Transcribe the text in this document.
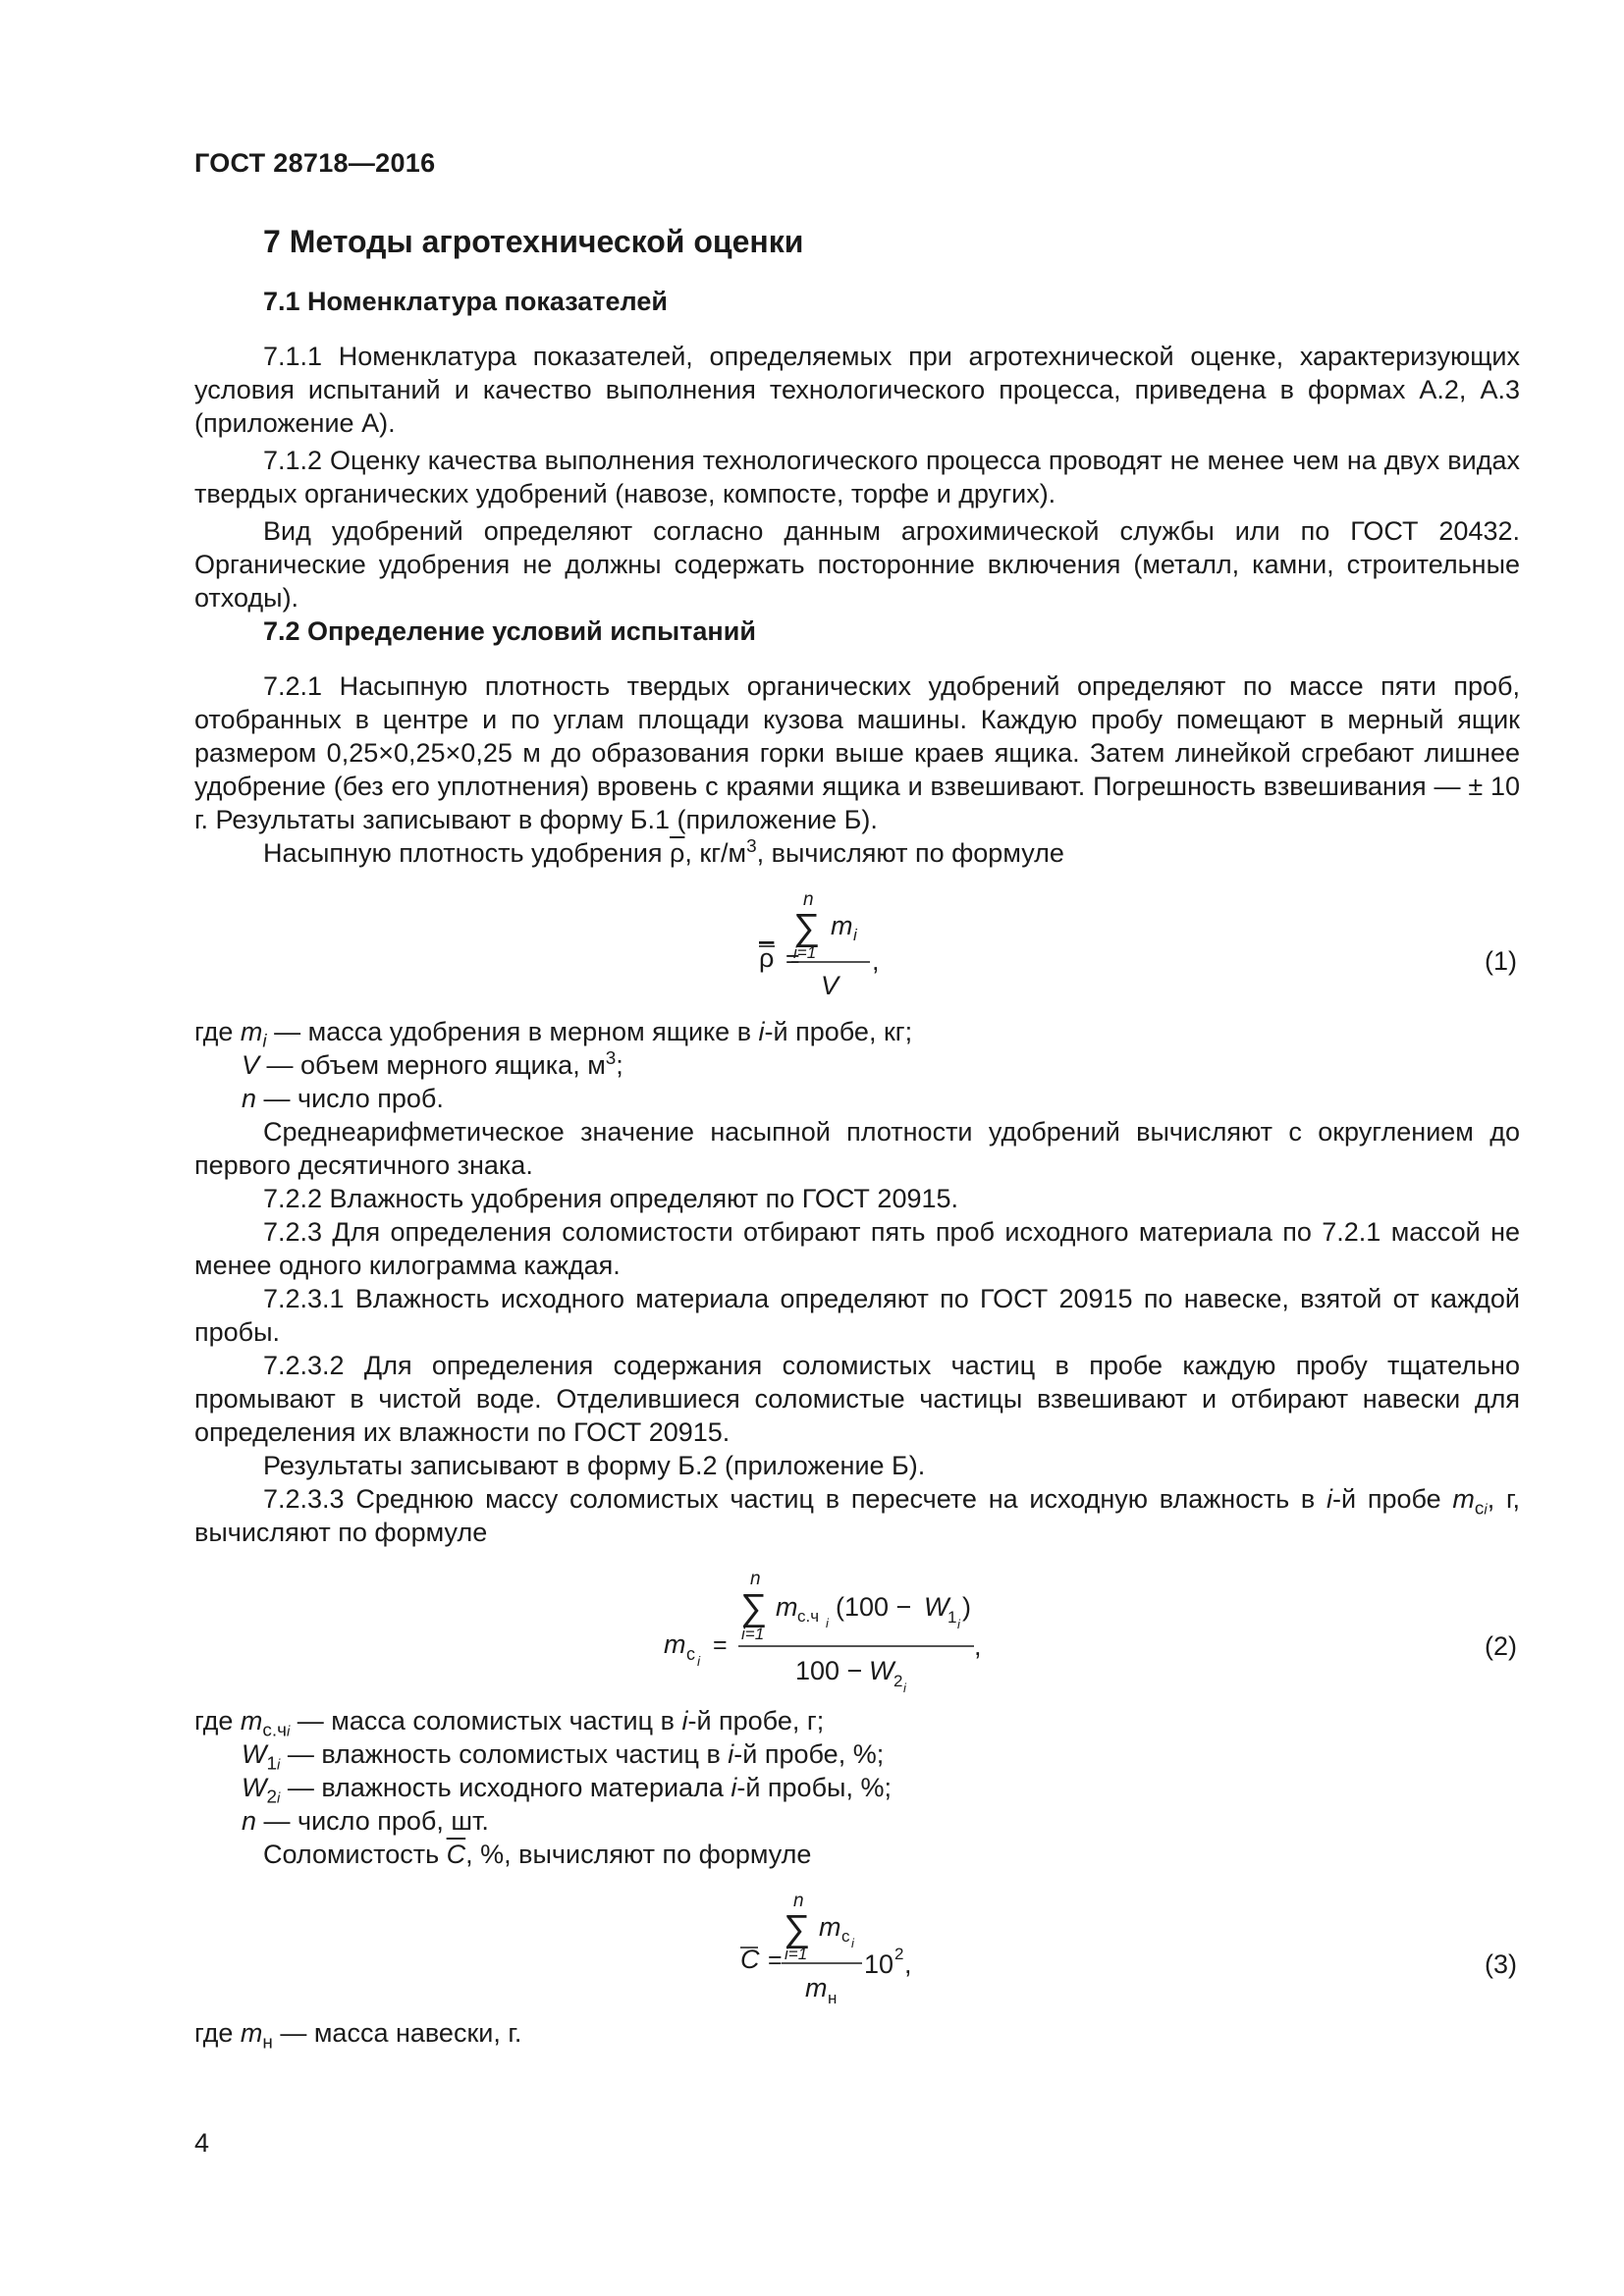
ГОСТ 28718—2016
7 Методы агротехнической оценки
7.1 Номенклатура показателей

7.1.1 Номенклатура показателей, определяемых при агротехнической оценке, характеризующих условия испытаний и качество выполнения технологического процесса, приведена в формах А.2, А.3 (приложение А).

7.1.2 Оценку качества выполнения технологического процесса проводят не менее чем на двух видах твердых органических удобрений (навозе, компосте, торфе и других).

Вид удобрений определяют согласно данным агрохимической службы или по ГОСТ 20432. Органические удобрения не должны содержать посторонние включения (металл, камни, строительные отходы).

7.2 Определение условий испытаний

7.2.1 Насыпную плотность твердых органических удобрений определяют по массе пяти проб, отобранных в центре и по углам площади кузова машины. Каждую пробу помещают в мерный ящик размером 0,25×0,25×0,25 м до образования горки выше краев ящика. Затем линейкой сгребают лишнее удобрение (без его уплотнения) вровень с краями ящика и взвешивают. Погрешность взвешивания — ± 10 г. Результаты записывают в форму Б.1 (приложение Б).

Насыпную плотность удобрения $\overline{\rho}$, $кг/м^3$, вычисляют по формуле

ρ =
n
∑
i=1
m i
V
,	(1)
где $m_i$ — масса удобрения в мерном ящике в i-й пробе, кг;
V — объем мерного ящика, $м^3$;
n — число проб.

Среднеарифметическое значение насыпной плотности удобрений вычисляют с округлением до первого десятичного знака.

7.2.2 Влажность удобрения определяют по ГОСТ 20915.

7.2.3 Для определения соломистости отбирают пять проб исходного материала по 7.2.1 массой не менее одного килограмма каждая.

7.2.3.1 Влажность исходного материала определяют по ГОСТ 20915 по навеске, взятой от каждой пробы.

7.2.3.2 Для определения содержания соломистых частиц в пробе каждую пробу тщательно промывают в чистой воде. Отделившиеся соломистые частицы взвешивают и отбирают навески для определения их влажности по ГОСТ 20915.

Результаты записывают в форму Б.2 (приложение Б).

7.2.3.3 Среднюю массу соломистых частиц в пересчете на исходную влажность в i-й пробе $m_{сi}$, г, вычисляют по формуле

m с i
=
n
∑
i=1
m с.ч i
(100 − W
1 i
)
100 − W 2 i
,	(2)
где $m_{с.чi}$ — масса соломистых частиц в i-й пробе, г;
$W_{1i}$ — влажность соломистых частиц в i-й пробе, %;
$W_{2i}$ — влажность исходного материала i-й пробы, %;
n — число проб, шт.

Соломистость $\overline{C}$, %, вычисляют по формуле

C =
n
∑
i=1
m с i
m н
10 2 ,	(3)
где $m_н$ — масса навески, г.
4
